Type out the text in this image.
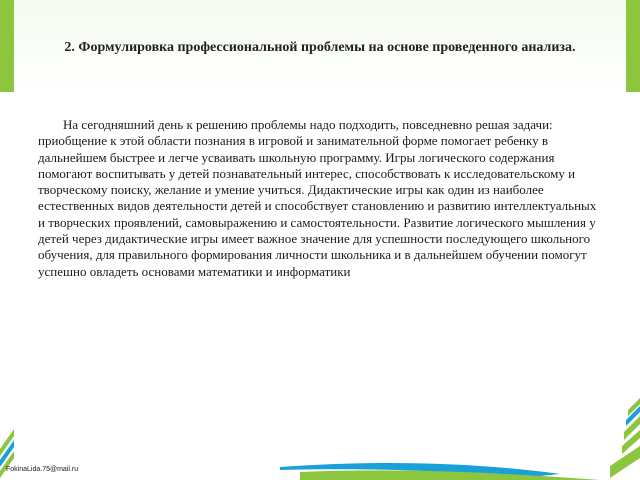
2. Формулировка профессиональной проблемы на основе проведенного анализа.

На сегодняшний день к решению проблемы надо подходить, повседневно решая задачи: приобщение к этой области познания в игровой и занимательной форме помогает ребенку в дальнейшем быстрее и легче усваивать школьную программу. Игры логического содержания помогают воспитывать у детей познавательный интерес, способствовать к исследовательскому и творческому поиску, желание и умение учиться. Дидактические игры как один из наиболее естественных видов деятельности детей и способствует становлению и развитию интеллектуальных и творческих проявлений, самовыражению и самостоятельности. Развитие логического мышления у детей через дидактические игры имеет важное значение для успешности последующего школьного обучения, для правильного формирования личности школьника и в дальнейшем обучении помогут успешно овладеть основами математики и информатики

FokinaLida.75@mail.ru
